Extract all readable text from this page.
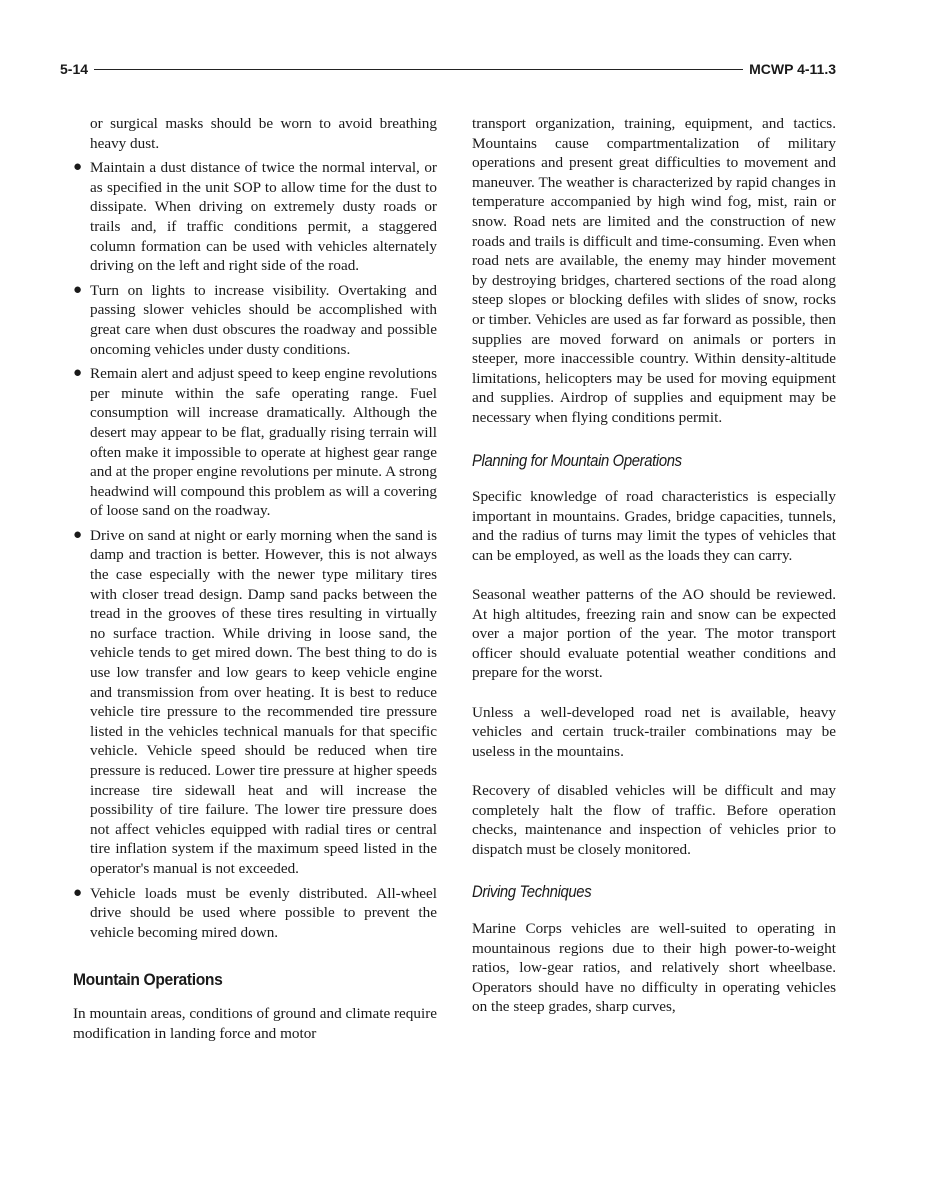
5-14	MCWP 4-11.3
or surgical masks should be worn to avoid breathing heavy dust.
● Maintain a dust distance of twice the normal interval, or as specified in the unit SOP to allow time for the dust to dissipate. When driving on extremely dusty roads or trails and, if traffic conditions permit, a staggered column formation can be used with vehicles alternately driving on the left and right side of the road.
● Turn on lights to increase visibility. Overtaking and passing slower vehicles should be accomplished with great care when dust obscures the roadway and possible oncoming vehicles under dusty conditions.
● Remain alert and adjust speed to keep engine revolutions per minute within the safe operating range. Fuel consumption will increase dramatically. Although the desert may appear to be flat, gradually rising terrain will often make it impossible to operate at highest gear range and at the proper engine revolutions per minute. A strong headwind will compound this problem as will a covering of loose sand on the roadway.
● Drive on sand at night or early morning when the sand is damp and traction is better. However, this is not always the case especially with the newer type military tires with closer tread design. Damp sand packs between the tread in the grooves of these tires resulting in virtually no surface traction. While driving in loose sand, the vehicle tends to get mired down. The best thing to do is use low transfer and low gears to keep vehicle engine and transmission from over heating. It is best to reduce vehicle tire pressure to the recommended tire pressure listed in the vehicles technical manuals for that specific vehicle. Vehicle speed should be reduced when tire pressure is reduced. Lower tire pressure at higher speeds increase tire sidewall heat and will increase the possibility of tire failure. The lower tire pressure does not affect vehicles equipped with radial tires or central tire inflation system if the maximum speed listed in the operator's manual is not exceeded.
● Vehicle loads must be evenly distributed. All-wheel drive should be used where possible to prevent the vehicle becoming mired down.
Mountain Operations

In mountain areas, conditions of ground and climate require modification in landing force and motor

transport organization, training, equipment, and tactics. Mountains cause compartmentalization of military operations and present great difficulties to movement and maneuver. The weather is characterized by rapid changes in temperature accompanied by high wind fog, mist, rain or snow. Road nets are limited and the construction of new roads and trails is difficult and time-consuming. Even when road nets are available, the enemy may hinder movement by destroying bridges, chartered sections of the road along steep slopes or blocking defiles with slides of snow, rocks or timber. Vehicles are used as far forward as possible, then supplies are moved forward on animals or porters in steeper, more inaccessible country. Within density-altitude limitations, helicopters may be used for moving equipment and supplies. Airdrop of supplies and equipment may be necessary when flying conditions permit.

Planning for Mountain Operations

Specific knowledge of road characteristics is especially important in mountains. Grades, bridge capacities, tunnels, and the radius of turns may limit the types of vehicles that can be employed, as well as the loads they can carry.

Seasonal weather patterns of the AO should be reviewed. At high altitudes, freezing rain and snow can be expected over a major portion of the year. The motor transport officer should evaluate potential weather conditions and prepare for the worst.

Unless a well-developed road net is available, heavy vehicles and certain truck-trailer combinations may be useless in the mountains.

Recovery of disabled vehicles will be difficult and may completely halt the flow of traffic. Before operation checks, maintenance and inspection of vehicles prior to dispatch must be closely monitored.

Driving Techniques

Marine Corps vehicles are well-suited to operating in mountainous regions due to their high power-to-weight ratios, low-gear ratios, and relatively short wheelbase. Operators should have no difficulty in operating vehicles on the steep grades, sharp curves,
